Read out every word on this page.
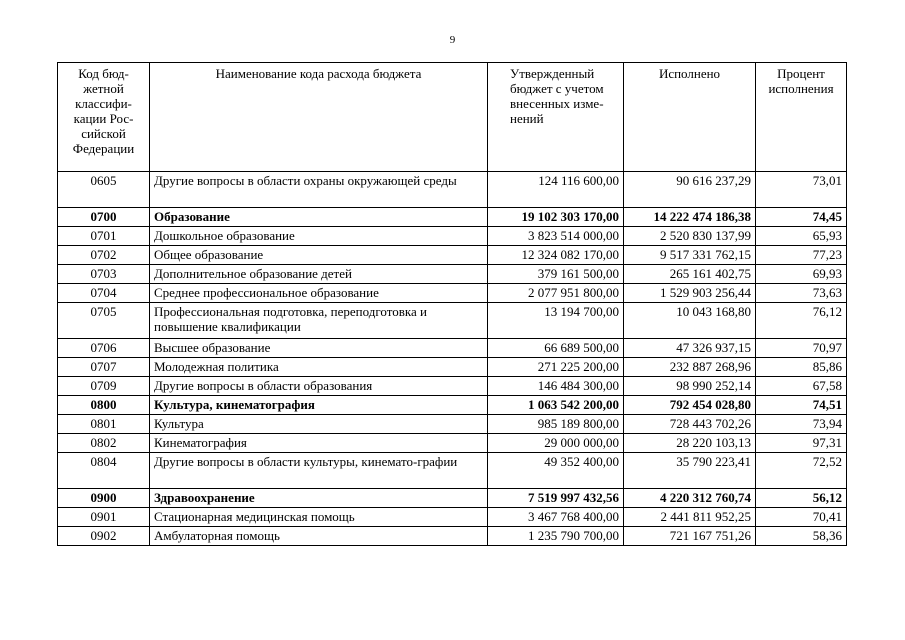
9
Код бюд-жетной классифи-кации Рос-сийской Федерации	Наименование кода расхода бюджета	Утвержденный бюджет с учетом внесенных изме-нений	Исполнено	Процент исполнения
0605	Другие вопросы в области охраны окружающей среды	124 116 600,00	90 616 237,29	73,01
0700	Образование	19 102 303 170,00	14 222 474 186,38	74,45
0701	Дошкольное образование	3 823 514 000,00	2 520 830 137,99	65,93
0702	Общее образование	12 324 082 170,00	9 517 331 762,15	77,23
0703	Дополнительное образование детей	379 161 500,00	265 161 402,75	69,93
0704	Среднее профессиональное образование	2 077 951 800,00	1 529 903 256,44	73,63
0705	Профессиональная подготовка, переподготовка и повышение квалификации	13 194 700,00	10 043 168,80	76,12
0706	Высшее образование	66 689 500,00	47 326 937,15	70,97
0707	Молодежная политика	271 225 200,00	232 887 268,96	85,86
0709	Другие вопросы в области образования	146 484 300,00	98 990 252,14	67,58
0800	Культура, кинематография	1 063 542 200,00	792 454 028,80	74,51
0801	Культура	985 189 800,00	728 443 702,26	73,94
0802	Кинематография	29 000 000,00	28 220 103,13	97,31
0804	Другие вопросы в области культуры, кинемато-графии	49 352 400,00	35 790 223,41	72,52
0900	Здравоохранение	7 519 997 432,56	4 220 312 760,74	56,12
0901	Стационарная медицинская помощь	3 467 768 400,00	2 441 811 952,25	70,41
0902	Амбулаторная помощь	1 235 790 700,00	721 167 751,26	58,36
